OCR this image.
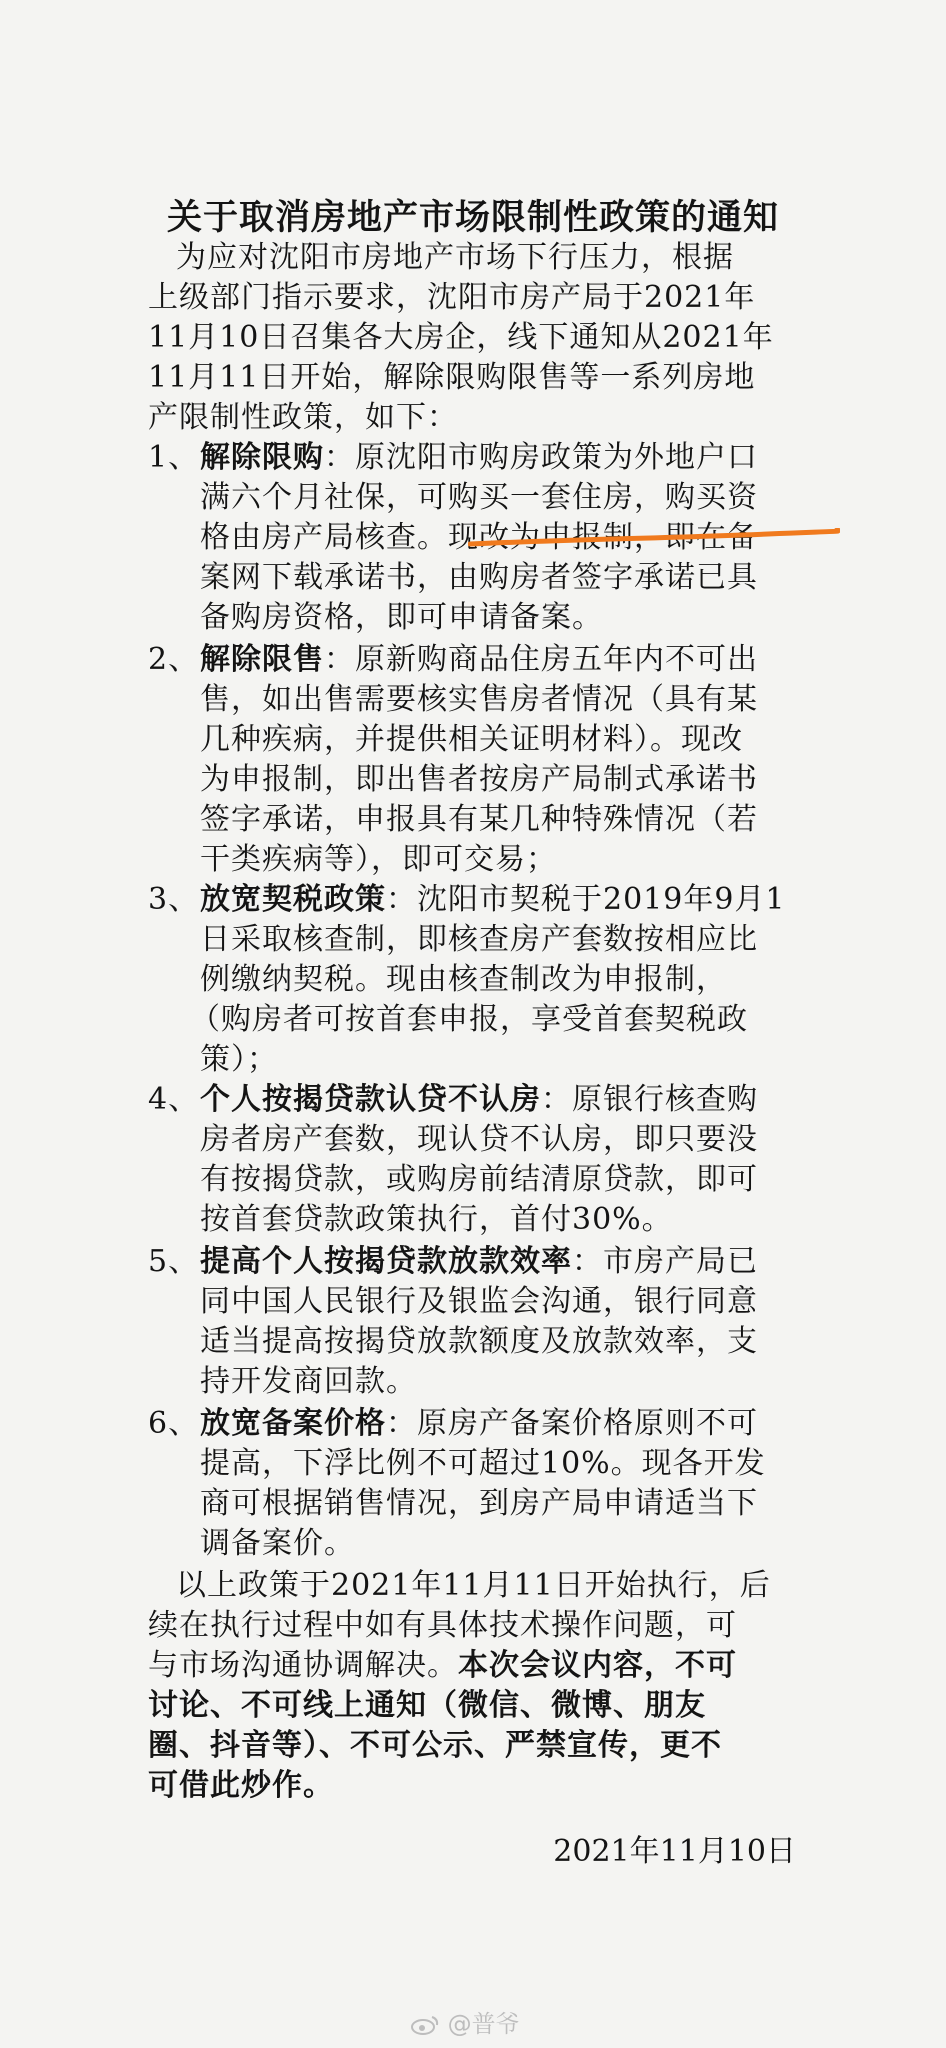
关于取消房地产市场限制性政策的通知
为应对沈阳市房地产市场下行压力，根据
上级部门指示要求，沈阳市房产局于2021年
11月10日召集各大房企，线下通知从2021年
11月11日开始，解除限购限售等一系列房地
产限制性政策，如下：
1、解除限购：原沈阳市购房政策为外地户口
满六个月社保，可购买一套住房，购买资
格由房产局核查。现改为申报制，即在备
案网下载承诺书，由购房者签字承诺已具
备购房资格，即可申请备案。
2、解除限售：原新购商品住房五年内不可出
售，如出售需要核实售房者情况（具有某
几种疾病，并提供相关证明材料）。现改
为申报制，即出售者按房产局制式承诺书
签字承诺，申报具有某几种特殊情况（若
干类疾病等），即可交易；
3、放宽契税政策：沈阳市契税于2019年9月1
日采取核查制，即核查房产套数按相应比
例缴纳契税。现由核查制改为申报制，
（购房者可按首套申报，享受首套契税政
策）；
4、个人按揭贷款认贷不认房：原银行核查购
房者房产套数，现认贷不认房，即只要没
有按揭贷款，或购房前结清原贷款，即可
按首套贷款政策执行，首付30%。
5、提高个人按揭贷款放款效率：市房产局已
同中国人民银行及银监会沟通，银行同意
适当提高按揭贷放款额度及放款效率，支
持开发商回款。
6、放宽备案价格：原房产备案价格原则不可
提高，下浮比例不可超过10%。现各开发
商可根据销售情况，到房产局申请适当下
调备案价。
以上政策于2021年11月11日开始执行，后
续在执行过程中如有具体技术操作问题，可
与市场沟通协调解决。本次会议内容，不可
讨论、不可线上通知（微信、微博、朋友
圈、抖音等）、不可公示、严禁宣传，更不
可借此炒作。
2021年11月10日
@普爷
